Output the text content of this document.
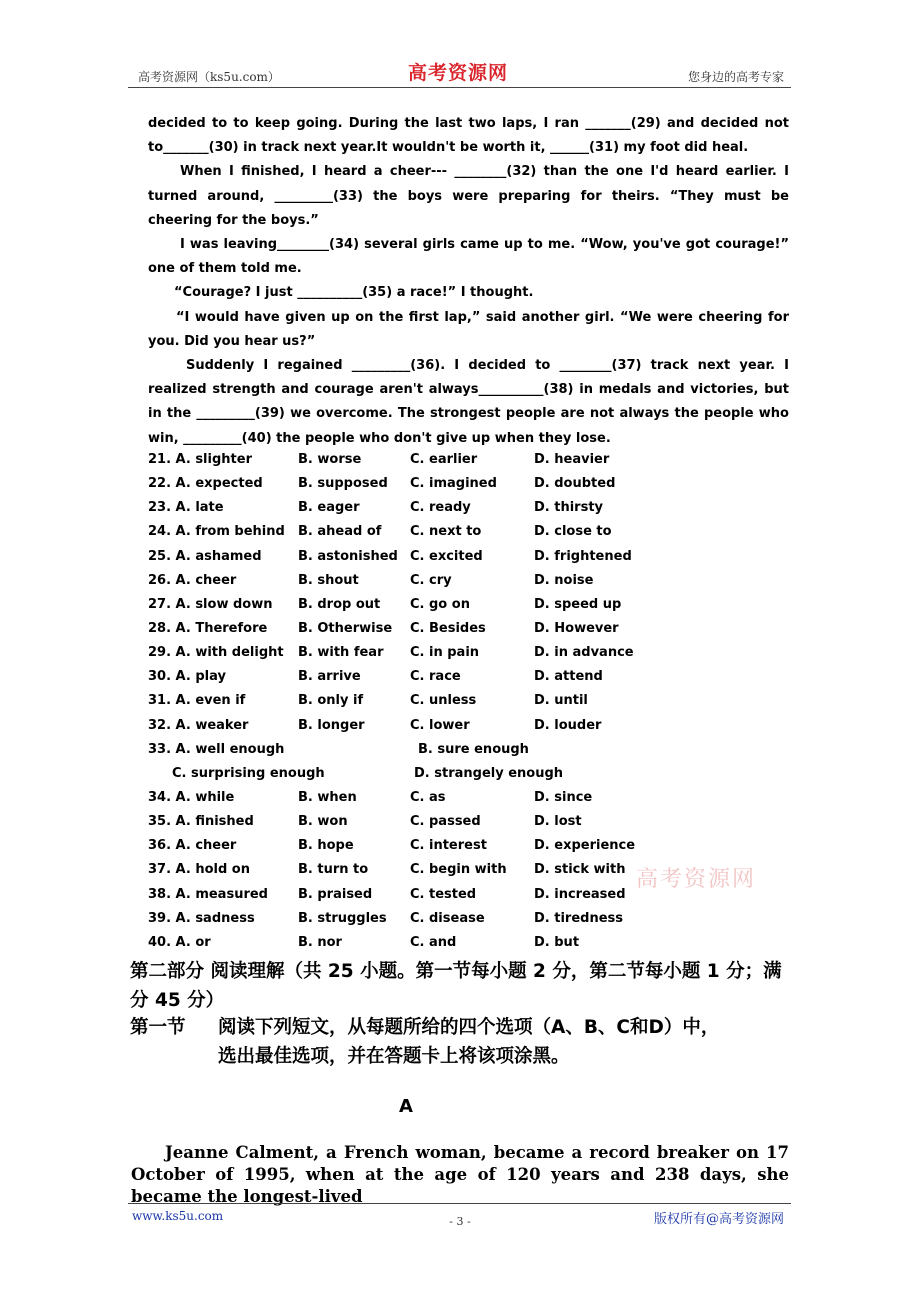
高考资源网（ks5u.com）	高考资源网	您身边的高考专家

decided to to keep going. During the last two laps, I ran _______(29) and decided not to_______(30) in track next year.It wouldn't be worth it, ______(31) my foot did heal.

When I finished, I heard a cheer--- ________(32) than the one I'd heard earlier. I turned around, _________(33) the boys were preparing for theirs. “They must be cheering for the boys.”

I was leaving________(34) several girls came up to me. “Wow, you've got courage!” one of them told me.

“Courage? I just __________(35) a race!” I thought.

“I would have given up on the first lap,” said another girl. “We were cheering for you. Did you hear us?”

Suddenly I regained _________(36). I decided to ________(37) track next year. I realized strength and courage aren't always__________(38) in medals and victories, but in the _________(39) we overcome. The strongest people are not always the people who win, _________(40) the people who don't give up when they lose.

21. A. slighter	B. worse	C. earlier	D. heavier
22. A. expected	B. supposed C. imagined	D. doubted
23. A. late	B. eager	C. ready	D. thirsty
24. A. from behind B. ahead of C. next to	D. close to
25. A. ashamed	B. astonished C. excited	D. frightened
26. A. cheer	B. shout	C. cry	D. noise
27. A. slow down B. drop out C. go on	D. speed up
28. A. Therefore B. Otherwise C. Besides	D. However
29. A. with delight B. with fear C. in pain	D. in advance
30. A. play	B. arrive	C. race	D. attend
31. A. even if	B. only if	C. unless	D. until
32. A. weaker	B. longer	C. lower	D. louder
33. A. well enough	B. sure enough
C. surprising enough	D. strangely enough
34. A. while	B. when	C. as	D. since
35. A. finished	B. won	C. passed	D. lost
36. A. cheer	B. hope	C. interest	D. experience
37. A. hold on	B. turn to	C. begin with D. stick with
38. A. measured B. praised	C. tested	D. increased
39. A. sadness	B. struggles C. disease	D. tiredness
40. A. or	B. nor	C. and	D. but
高考资源网
第二部分 阅读理解（共 25 小题。第一节每小题 2 分，第二节每小题 1 分；满分 45 分）
第一节 阅读下列短文，从每题所给的四个选项（A、B、C和D）中，
选出最佳选项，并在答题卡上将该项涂黑。
A
Jeanne Calment, a French woman, became a record breaker on 17 October of 1995, when at the age of 120 years and 238 days, she became the longest-lived
www.ks5u.com	- 3 -	版权所有@高考资源网
